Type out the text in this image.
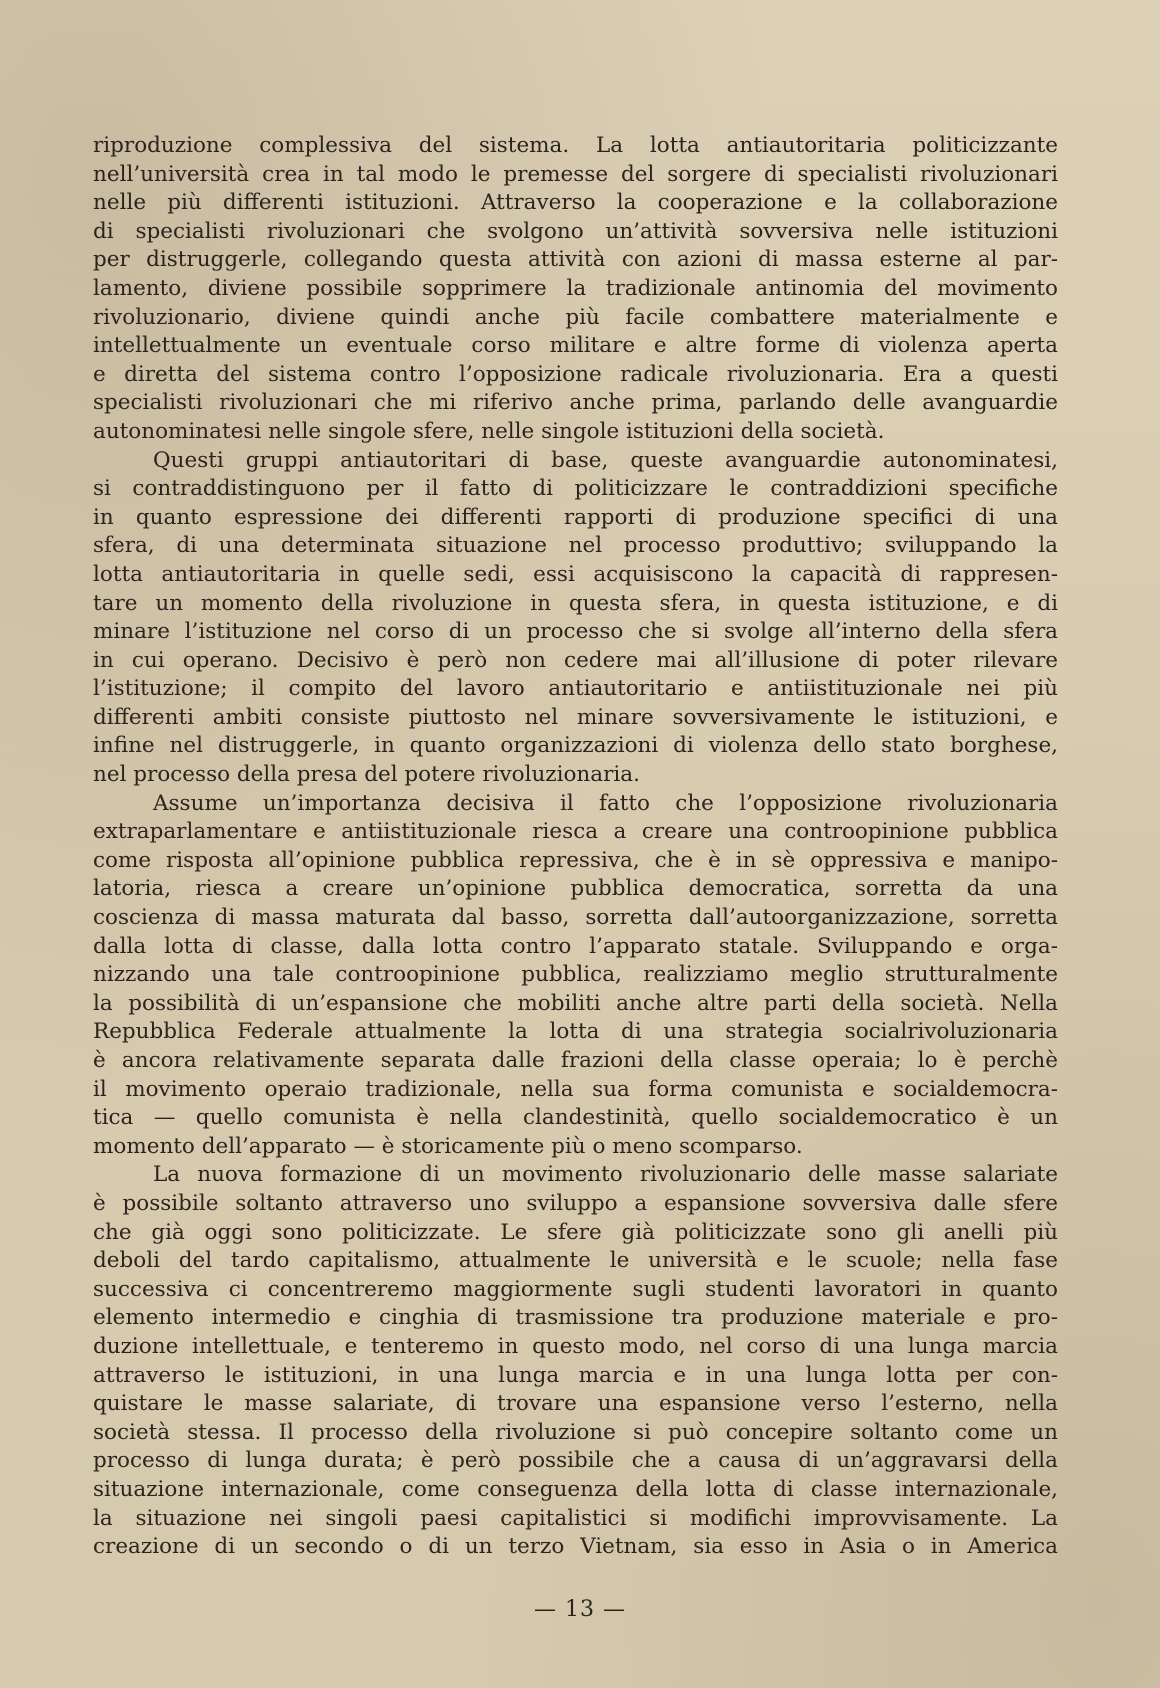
riproduzione complessiva del sistema. La lotta antiautoritaria politicizzante
nell’università crea in tal modo le premesse del sorgere di specialisti rivoluzionari
nelle più differenti istituzioni. Attraverso la cooperazione e la collaborazione
di specialisti rivoluzionari che svolgono un’attività sovversiva nelle istituzioni
per distruggerle, collegando questa attività con azioni di massa esterne al par-
lamento, diviene possibile sopprimere la tradizionale antinomia del movimento
rivoluzionario, diviene quindi anche più facile combattere materialmente e
intellettualmente un eventuale corso militare e altre forme di violenza aperta
e diretta del sistema contro l’opposizione radicale rivoluzionaria. Era a questi
specialisti rivoluzionari che mi riferivo anche prima, parlando delle avanguardie
autonominatesi nelle singole sfere, nelle singole istituzioni della società.
Questi gruppi antiautoritari di base, queste avanguardie autonominatesi,
si contraddistinguono per il fatto di politicizzare le contraddizioni specifiche
in quanto espressione dei differenti rapporti di produzione specifici di una
sfera, di una determinata situazione nel processo produttivo; sviluppando la
lotta antiautoritaria in quelle sedi, essi acquisiscono la capacità di rappresen-
tare un momento della rivoluzione in questa sfera, in questa istituzione, e di
minare l’istituzione nel corso di un processo che si svolge all’interno della sfera
in cui operano. Decisivo è però non cedere mai all’illusione di poter rilevare
l’istituzione; il compito del lavoro antiautoritario e antiistituzionale nei più
differenti ambiti consiste piuttosto nel minare sovversivamente le istituzioni, e
infine nel distruggerle, in quanto organizzazioni di violenza dello stato borghese,
nel processo della presa del potere rivoluzionaria.
Assume un’importanza decisiva il fatto che l’opposizione rivoluzionaria
extraparlamentare e antiistituzionale riesca a creare una controopinione pubblica
come risposta all’opinione pubblica repressiva, che è in sè oppressiva e manipo-
latoria, riesca a creare un’opinione pubblica democratica, sorretta da una
coscienza di massa maturata dal basso, sorretta dall’autoorganizzazione, sorretta
dalla lotta di classe, dalla lotta contro l’apparato statale. Sviluppando e orga-
nizzando una tale controopinione pubblica, realizziamo meglio strutturalmente
la possibilità di un’espansione che mobiliti anche altre parti della società. Nella
Repubblica Federale attualmente la lotta di una strategia socialrivoluzionaria
è ancora relativamente separata dalle frazioni della classe operaia; lo è perchè
il movimento operaio tradizionale, nella sua forma comunista e socialdemocra-
tica — quello comunista è nella clandestinità, quello socialdemocratico è un
momento dell’apparato — è storicamente più o meno scomparso.
La nuova formazione di un movimento rivoluzionario delle masse salariate
è possibile soltanto attraverso uno sviluppo a espansione sovversiva dalle sfere
che già oggi sono politicizzate. Le sfere già politicizzate sono gli anelli più
deboli del tardo capitalismo, attualmente le università e le scuole; nella fase
successiva ci concentreremo maggiormente sugli studenti lavoratori in quanto
elemento intermedio e cinghia di trasmissione tra produzione materiale e pro-
duzione intellettuale, e tenteremo in questo modo, nel corso di una lunga marcia
attraverso le istituzioni, in una lunga marcia e in una lunga lotta per con-
quistare le masse salariate, di trovare una espansione verso l’esterno, nella
società stessa. Il processo della rivoluzione si può concepire soltanto come un
processo di lunga durata; è però possibile che a causa di un’aggravarsi della
situazione internazionale, come conseguenza della lotta di classe internazionale,
la situazione nei singoli paesi capitalistici si modifichi improvvisamente. La
creazione di un secondo o di un terzo Vietnam, sia esso in Asia o in America
— 13 —
